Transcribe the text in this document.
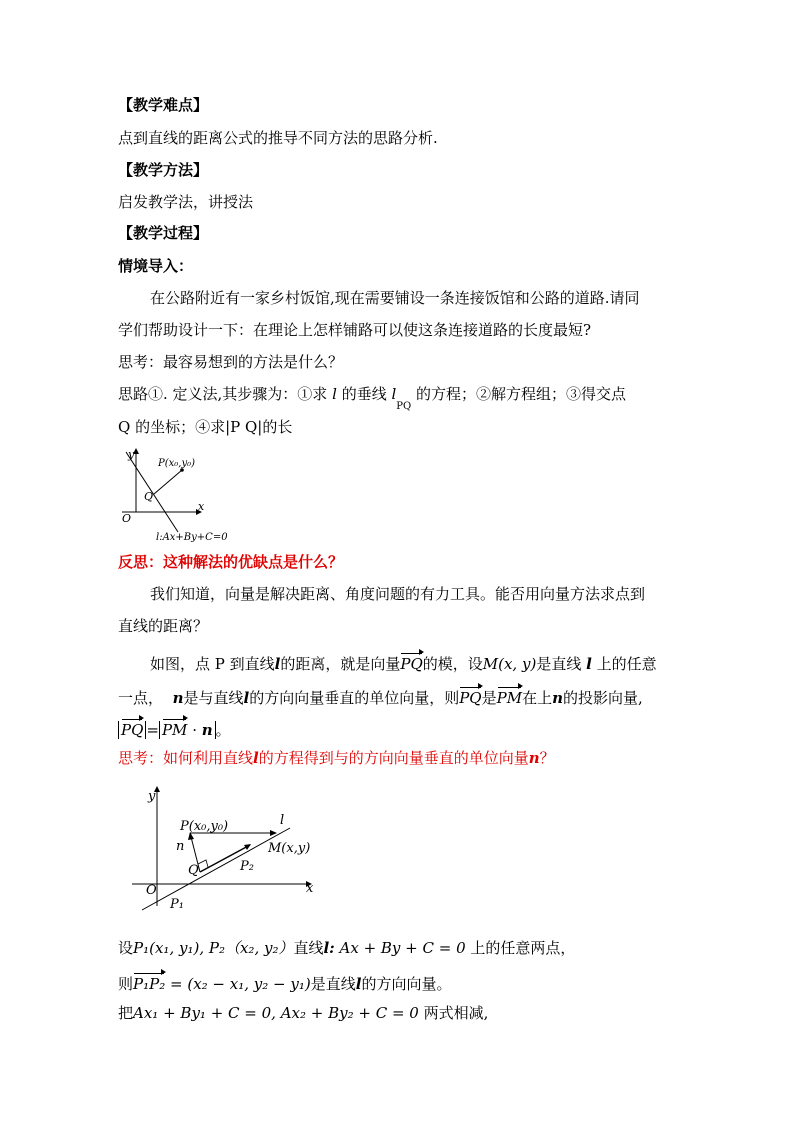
【教学难点】
点到直线的距离公式的推导不同方法的思路分析.
【教学方法】
启发教学法，讲授法
【教学过程】
情境导入：
在公路附近有一家乡村饭馆,现在需要铺设一条连接饭馆和公路的道路.请同
学们帮助设计一下：在理论上怎样铺路可以使这条连接道路的长度最短?
思考：最容易想到的方法是什么？
思路①. 定义法,其步骤为：①求 l 的垂线 $l_{PQ}$ 的方程；②解方程组；③得交点
Q 的坐标；④求|P Q|的长
y
x
O
Q
P(x₀,y₀)
l:Ax+By+C=0
反思：这种解法的优缺点是什么？
我们知道，向量是解决距离、角度问题的有力工具。能否用向量方法求点到
直线的距离？
如图，点 P 到直线l的距离，就是向量PQ的模，设M(x, y)是直线 l 上的任意
一点， n是与直线l的方向向量垂直的单位向量，则PQ是PM在上n的投影向量,
PQ = PM · n 。
思考：如何利用直线l的方程得到与的方向向量垂直的单位向量n？
y
x
O
l
P(x₀,y₀)
M(x,y)
n
Q	P₂
P₁
设P₁(x₁, y₁), P₂（x₂, y₂）直线l: Ax + By + C = 0 上的任意两点，
则P₁P₂ = (x₂ − x₁, y₂ − y₁)是直线l的方向向量。
把Ax₁ + By₁ + C = 0, Ax₂ + By₂ + C = 0 两式相减,
